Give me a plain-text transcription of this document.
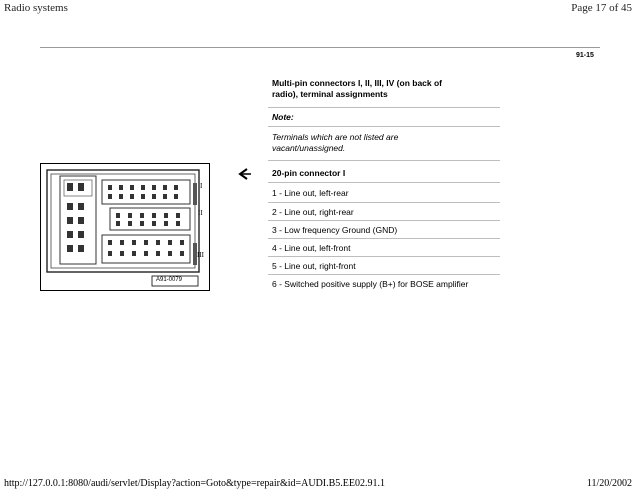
Radio systems	Page 17 of 45
91-15
Multi-pin connectors I, II, III, IV (on back of
radio), terminal assignments
Note:
Terminals which are not listed are
vacant/unassigned.
20-pin connector I
1 - Line out, left-rear
2 - Line out, right-rear
3 - Low frequency Ground (GND)
4 - Line out, left-front
5 - Line out, right-front
6 - Switched positive supply (B+) for BOSE amplifier
I
II
III
A91-0079
http://127.0.0.1:8080/audi/servlet/Display?action=Goto&type=repair&id=AUDI.B5.EE02.91.1	11/20/2002
